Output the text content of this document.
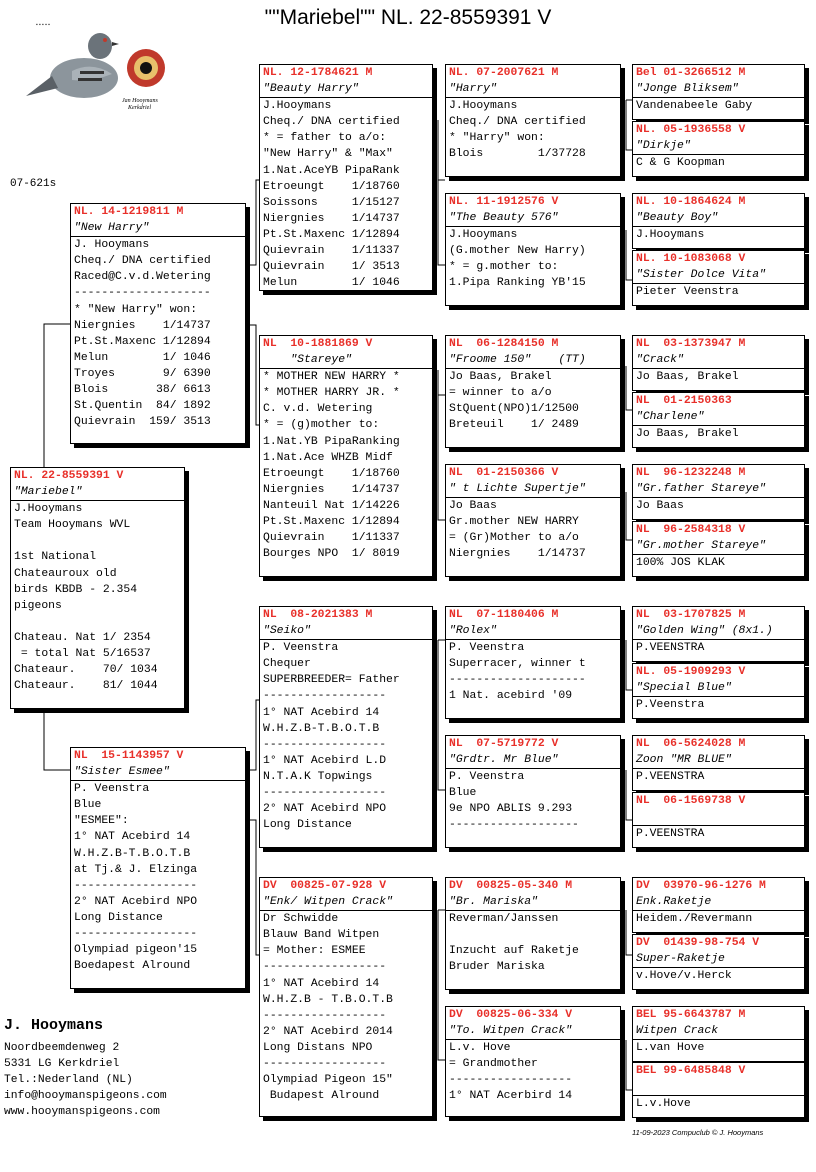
""Mariebel"" NL. 22-8559391 V
▪ ▪ ▪ ▪ ▪
Jan Hooymans
Kerkdriel
07-621s
NL. 22-8559391 V
"Mariebel"
J.Hooymans
Team Hooymans WVL

1st National
Chateauroux old
birds KBDB - 2.354
pigeons

Chateau. Nat 1/ 2354
= total Nat 5/16537
Chateaur.    70/ 1034
Chateaur.    81/ 1044
NL. 14-1219811 M
"New Harry"
J. Hooymans
Cheq./ DNA certified
Raced@C.v.d.Wetering
--------------------
* "New Harry" won:
Niergnies    1/14737
Pt.St.Maxenc 1/12894
Melun        1/ 1046
Troyes       9/ 6390
Blois       38/ 6613
St.Quentin  84/ 1892
Quievrain  159/ 3513
NL  15-1143957 V
"Sister Esmee"
P. Veenstra
Blue
"ESMEE":
1° NAT Acebird 14
W.H.Z.B-T.B.O.T.B
at Tj.& J. Elzinga
------------------
2° NAT Acebird NPO
Long Distance
------------------
Olympiad pigeon'15
Boedapest Alround
NL. 12-1784621 M
"Beauty Harry"
J.Hooymans
Cheq./ DNA certified
* = father to a/o:
"New Harry" & "Max"
1.Nat.AceYB PipaRank
Etroeungt    1/18760
Soissons     1/15127
Niergnies    1/14737
Pt.St.Maxenc 1/12894
Quievrain    1/11337
Quievrain    1/ 3513
Melun        1/ 1046
NL  10-1881869 V
"Stareye"
* MOTHER NEW HARRY *
* MOTHER HARRY JR. *
C. v.d. Wetering
* = (g)mother to:
1.Nat.YB PipaRanking
1.Nat.Ace WHZB Midf
Etroeungt    1/18760
Niergnies    1/14737
Nanteuil Nat 1/14226
Pt.St.Maxenc 1/12894
Quievrain    1/11337
Bourges NPO  1/ 8019
NL  08-2021383 M
"Seiko"
P. Veenstra
Chequer
SUPERBREEDER= Father
------------------
1° NAT Acebird 14
W.H.Z.B-T.B.O.T.B
------------------
1° NAT Acebird L.D
N.T.A.K Topwings
------------------
2° NAT Acebird NPO
Long Distance
DV  00825-07-928 V
"Enk/ Witpen Crack"
Dr Schwidde
Blauw Band Witpen
= Mother: ESMEE
------------------
1° NAT Acebird 14
W.H.Z.B - T.B.O.T.B
------------------
2° NAT Acebird 2014
Long Distans NPO
------------------
Olympiad Pigeon 15"
Budapest Alround
NL. 07-2007621 M
"Harry"
J.Hooymans
Cheq./ DNA certified
* "Harry" won:
Blois        1/37728
NL. 11-1912576 V
"The Beauty 576"
J.Hooymans
(G.mother New Harry)
* = g.mother to:
1.Pipa Ranking YB'15
NL  06-1284150 M
"Froome 150"    (TT)
Jo Baas, Brakel
= winner to a/o
StQuent(NPO)1/12500
Breteuil    1/ 2489
NL  01-2150366 V
" t Lichte Supertje"
Jo Baas
Gr.mother NEW HARRY
= (Gr)Mother to a/o
Niergnies    1/14737
NL  07-1180406 M
"Rolex"
P. Veenstra
Superracer, winner t
--------------------
1 Nat. acebird '09
NL  07-5719772 V
"Grdtr. Mr Blue"
P. Veenstra
Blue
9e NPO ABLIS 9.293
-------------------
DV  00825-05-340 M
"Br. Mariska"
Reverman/Janssen

Inzucht auf Raketje
Bruder Mariska
DV  00825-06-334 V
"To. Witpen Crack"
L.v. Hove
= Grandmother
------------------
1° NAT Acerbird 14
Bel 01-3266512 M
"Jonge Bliksem"
Vandenabeele Gaby
NL. 05-1936558 V
"Dirkje"
C & G Koopman
NL. 10-1864624 M
"Beauty Boy"
J.Hooymans
NL. 10-1083068 V
"Sister Dolce Vita"
Pieter Veenstra
NL  03-1373947 M
"Crack"
Jo Baas, Brakel
NL  01-2150363
"Charlene"
Jo Baas, Brakel
NL  96-1232248 M
"Gr.father Stareye"
Jo Baas
NL  96-2584318 V
"Gr.mother Stareye"
100% JOS KLAK
NL  03-1707825 M
"Golden Wing" (8x1.)
P.VEENSTRA
NL. 05-1909293 V
"Special Blue"
P.Veenstra
NL  06-5624028 M
Zoon "MR BLUE"
P.VEENSTRA
NL  06-1569738 V

P.VEENSTRA
DV  03970-96-1276 M
Enk.Raketje
Heidem./Revermann
DV  01439-98-754 V
Super-Raketje
v.Hove/v.Herck
BEL 95-6643787 M
Witpen Crack
L.van Hove
BEL 99-6485848 V

L.v.Hove
J. Hooymans
Noordbeemdenweg 2
5331 LG Kerkdriel
Tel.:Nederland (NL)
info@hooymanspigeons.com
www.hooymanspigeons.com
11-09-2023 Compuclub © J. Hooymans
